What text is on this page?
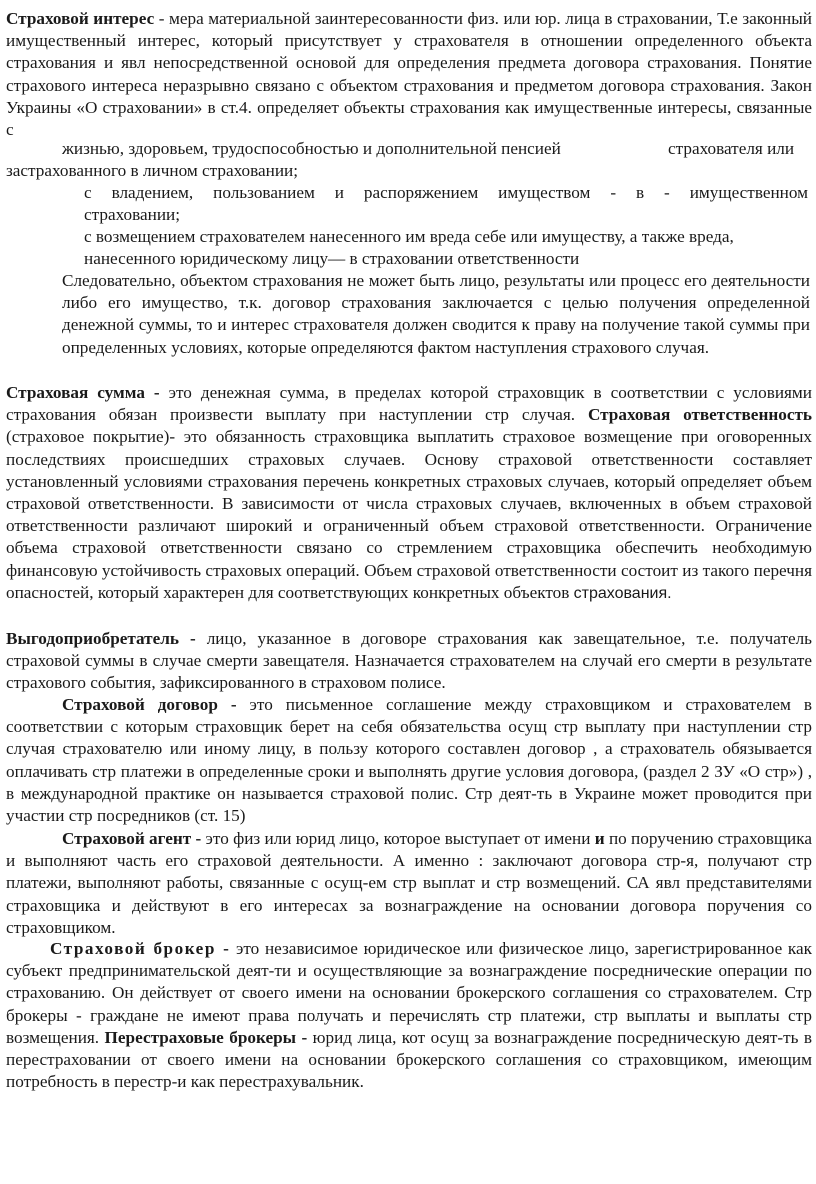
Страховой интерес - мера материальной заинтересованности физ. или юр. лица в страховании, Т.е законный имущественный интерес, который присутствует у страхователя в отношении определенного объекта страхования и явл непосредственной основой для определения предмета договора страхования. Понятие страхового интереса неразрывно связано с объектом страхования и предметом договора страхования. Закон Украины «О страховании» в ст.4. определяет объекты страхования как имущественные интересы, связанные с

жизнью, здоровьем, трудоспособностью и дополнительной пенсией	страхователя или
застрахованного в личном страховании;

с владением, пользованием и распоряжением имуществом - в - имущественном

страховании;
с возмещением страхователем нанесенного им вреда себе или имуществу, а также вреда,
нанесенного юридическому лицу— в страховании ответственности

Следовательно, объектом страхования не может быть лицо, результаты или процесс его деятельности либо его имущество, т.к. договор страхования заключается с целью получения определенной денежной суммы, то и интерес страхователя должен сводится к праву на получение такой суммы при определенных условиях, которые определяются фактом наступления страхового случая.

Страховая сумма - это денежная сумма, в пределах которой страховщик в соответствии с условиями страхования обязан произвести выплату при наступлении стр случая. Страховая ответственность (страховое покрытие)- это обязанность страховщика выплатить страховое возмещение при оговоренных последствиях происшедших страховых случаев. Основу страховой ответственности составляет установленный условиями страхования перечень конкретных страховых случаев, который определяет объем страховой ответственности. В зависимости от числа страховых случаев, включенных в объем страховой ответственности различают широкий и ограниченный объем страховой ответственности. Ограничение объема страховой ответственности связано со стремлением страховщика обеспечить необходимую финансовую устойчивость страховых операций. Объем страховой ответственности состоит из такого перечня опасностей, который характерен для соответствующих конкретных объектов страхования.

Выгодоприобретатель - лицо, указанное в договоре страхования как завещательное, т.е. получатель страховой суммы в случае смерти завещателя. Назначается страхователем на случай его смерти в результате страхового события, зафиксированного в страховом полисе.

Страховой договор - это письменное соглашение между страховщиком и страхователем в соответствии с которым страховщик берет на себя обязательства осущ стр выплату при наступлении стр случая страхователю или иному лицу, в пользу которого составлен договор , а страхователь обязывается оплачивать стр платежи в определенные сроки и выполнять другие условия договора, (раздел 2 ЗУ «О стр») , в международной практике он называется страховой полис. Стр деят-ть в Украине может проводится при участии стр посредников (ст. 15)

Страховой агент - это физ или юрид лицо, которое выступает от имени и по поручению страховщика и выполняют часть его страховой деятельности. А именно : заключают договора стр-я, получают стр платежи, выполняют работы, связанные с осущ-ем стр выплат и стр возмещений. СА явл представителями страховщика и действуют в его интересах за вознаграждение на основании договора поручения со страховщиком.

Страховой брокер - это независимое юридическое или физическое лицо, зарегистрированное как субъект предпринимательской деят-ти и осуществляющие за вознаграждение посреднические операции по страхованию. Он действует от своего имени на основании брокерского соглашения со страхователем. Стр брокеры - граждане не имеют права получать и перечислять стр платежи, стр выплаты и выплаты стр возмещения. Перестраховые брокеры - юрид лица, кот осущ за вознаграждение посредническую деят-ть в перестраховании от своего имени на основании брокерского соглашения со страховщиком, имеющим потребность в перестр-и как перестрахувальник.
